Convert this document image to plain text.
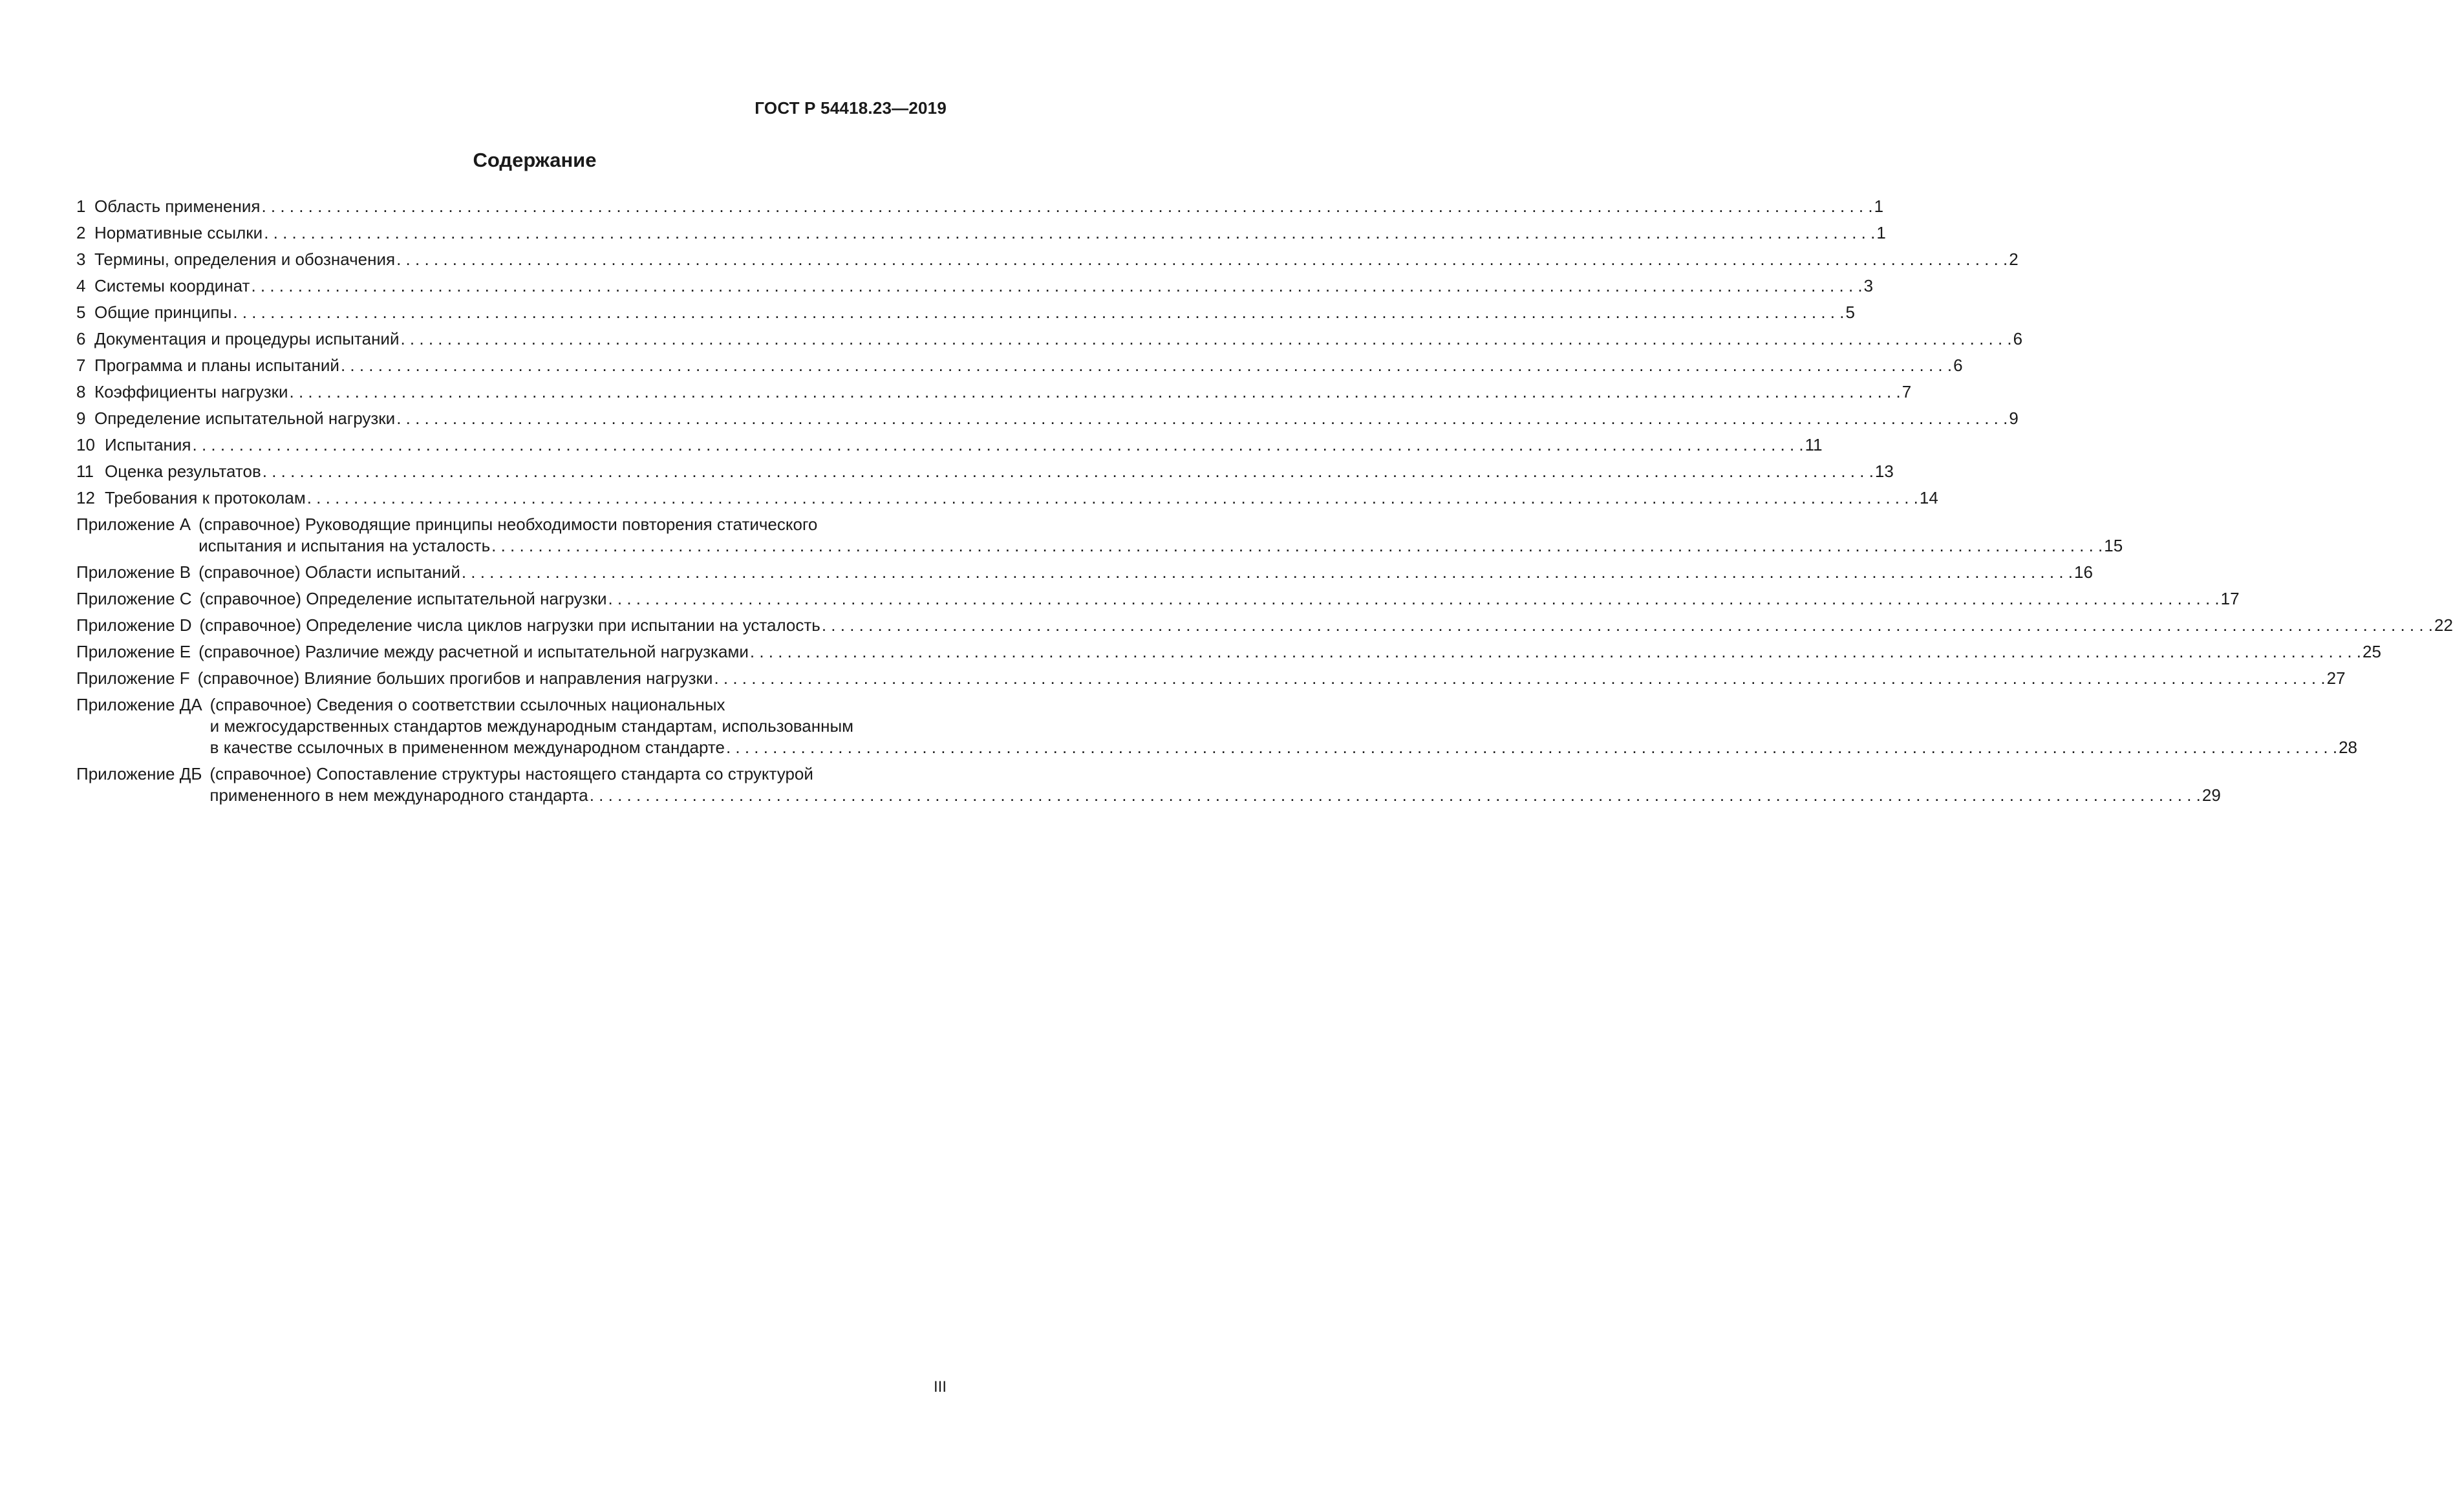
ГОСТ Р 54418.23—2019
Содержание
1 Область применения . . .	1
2 Нормативные ссылки . . .	1
3 Термины, определения и обозначения . . .	2
4 Системы координат . . .	3
5 Общие принципы . . .	5
6 Документация и процедуры испытаний . . .	6
7 Программа и планы испытаний . . .	6
8 Коэффициенты нагрузки . . .	7
9 Определение испытательной нагрузки . . .	9
10 Испытания . . .	11
11 Оценка результатов . . .	13
12 Требования к протоколам . . .	14
Приложение А (справочное) Руководящие принципы необходимости повторения статического
испытания и испытания на усталость . . .	15
Приложение В (справочное) Области испытаний . . .	16
Приложение С (справочное) Определение испытательной нагрузки . . .	17
Приложение D (справочное) Определение числа циклов нагрузки при испытании на усталость . . .	22
Приложение Е (справочное) Различие между расчетной и испытательной нагрузками . . .	25
Приложение F (справочное) Влияние больших прогибов и направления нагрузки . . .	27
Приложение ДА (справочное) Сведения о соответствии ссылочных национальных
и межгосударственных стандартов международным стандартам, использованным
в качестве ссылочных в примененном международном стандарте . . .	28
Приложение ДБ (справочное) Сопоставление структуры настоящего стандарта со структурой
примененного в нем международного стандарта . . .	29
III
